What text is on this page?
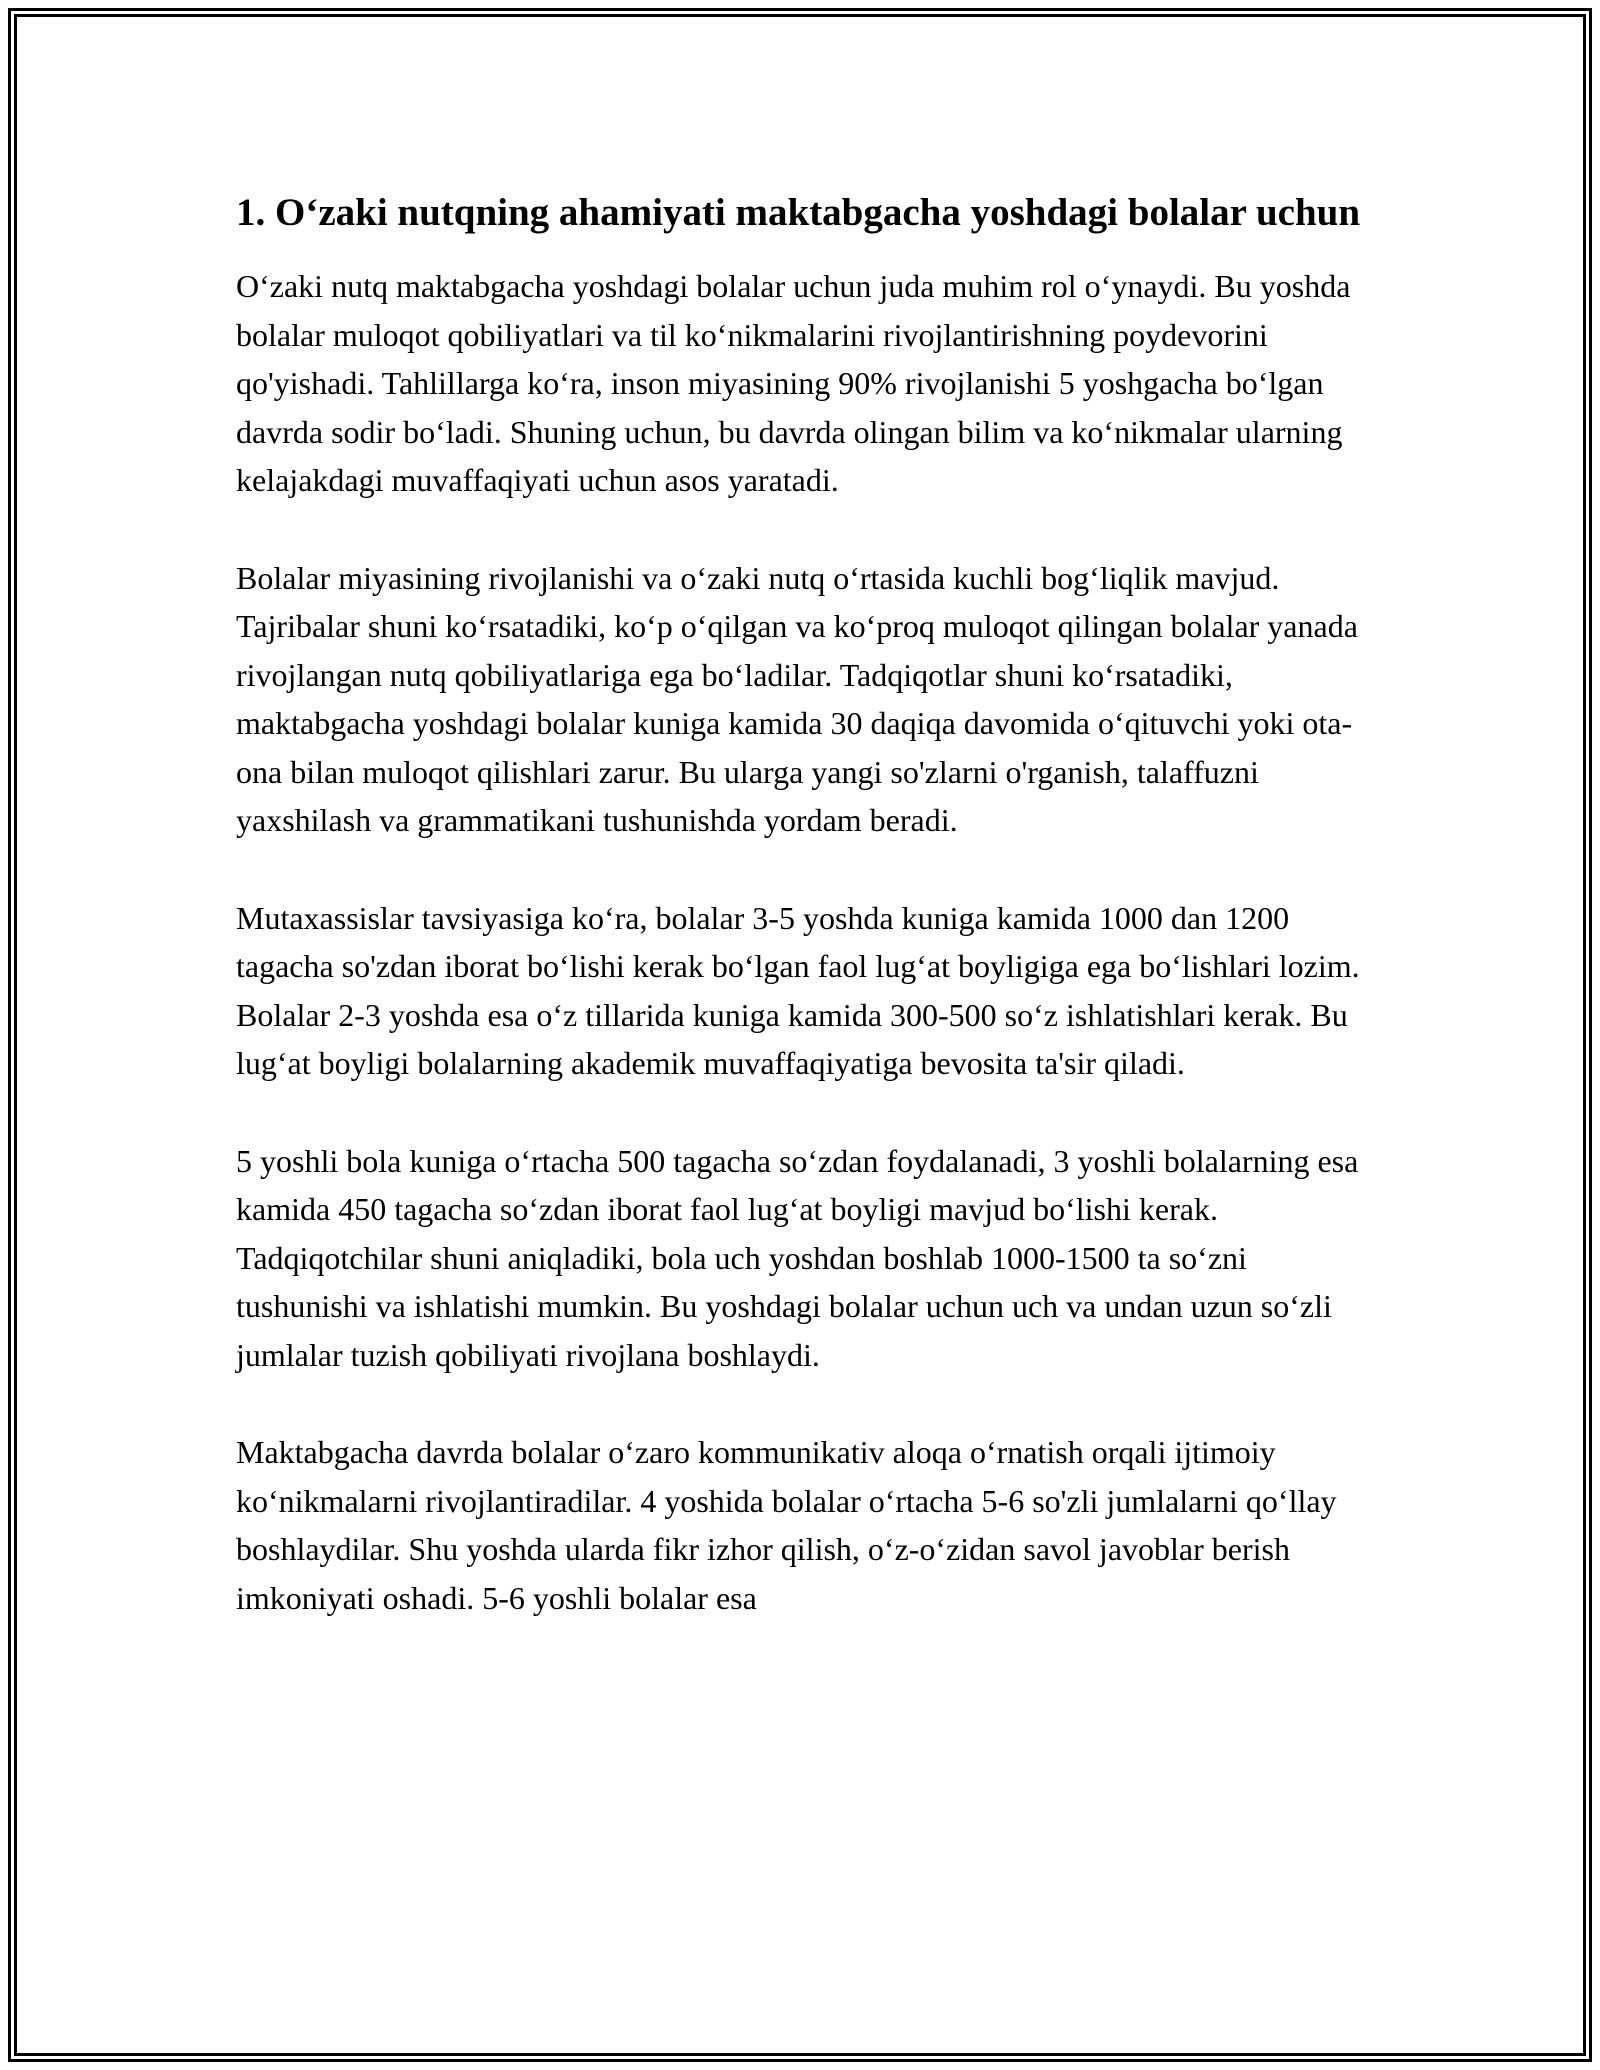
1. O‘zaki nutqning ahamiyati maktabgacha yoshdagi bolalar uchun

O‘zaki nutq maktabgacha yoshdagi bolalar uchun juda muhim rol o‘ynaydi. Bu yoshda bolalar muloqot qobiliyatlari va til ko‘nikmalarini rivojlantirishning poydevorini qo'yishadi. Tahlillarga ko‘ra, inson miyasining 90% rivojlanishi 5 yoshgacha bo‘lgan davrda sodir bo‘ladi. Shuning uchun, bu davrda olingan bilim va ko‘nikmalar ularning kelajakdagi muvaffaqiyati uchun asos yaratadi.

Bolalar miyasining rivojlanishi va o‘zaki nutq o‘rtasida kuchli bog‘liqlik mavjud. Tajribalar shuni ko‘rsatadiki, ko‘p o‘qilgan va ko‘proq muloqot qilingan bolalar yanada rivojlangan nutq qobiliyatlariga ega bo‘ladilar. Tadqiqotlar shuni ko‘rsatadiki, maktabgacha yoshdagi bolalar kuniga kamida 30 daqiqa davomida o‘qituvchi yoki ota-ona bilan muloqot qilishlari zarur. Bu ularga yangi so'zlarni o'rganish, talaffuzni yaxshilash va grammatikani tushunishda yordam beradi.

Mutaxassislar tavsiyasiga ko‘ra, bolalar 3-5 yoshda kuniga kamida 1000 dan 1200 tagacha so'zdan iborat bo‘lishi kerak bo‘lgan faol lug‘at boyligiga ega bo‘lishlari lozim. Bolalar 2-3 yoshda esa o‘z tillarida kuniga kamida 300-500 so‘z ishlatishlari kerak. Bu lug‘at boyligi bolalarning akademik muvaffaqiyatiga bevosita ta'sir qiladi.

5 yoshli bola kuniga o‘rtacha 500 tagacha so‘zdan foydalanadi, 3 yoshli bolalarning esa kamida 450 tagacha so‘zdan iborat faol lug‘at boyligi mavjud bo‘lishi kerak. Tadqiqotchilar shuni aniqladiki, bola uch yoshdan boshlab 1000-1500 ta so‘zni tushunishi va ishlatishi mumkin. Bu yoshdagi bolalar uchun uch va undan uzun so‘zli jumlalar tuzish qobiliyati rivojlana boshlaydi.

Maktabgacha davrda bolalar o‘zaro kommunikativ aloqa o‘rnatish orqali ijtimoiy ko‘nikmalarni rivojlantiradilar. 4 yoshida bolalar o‘rtacha 5-6 so'zli jumlalarni qo‘llay boshlaydilar. Shu yoshda ularda fikr izhor qilish, o‘z-o‘zidan savol javoblar berish imkoniyati oshadi. 5-6 yoshli bolalar esa
